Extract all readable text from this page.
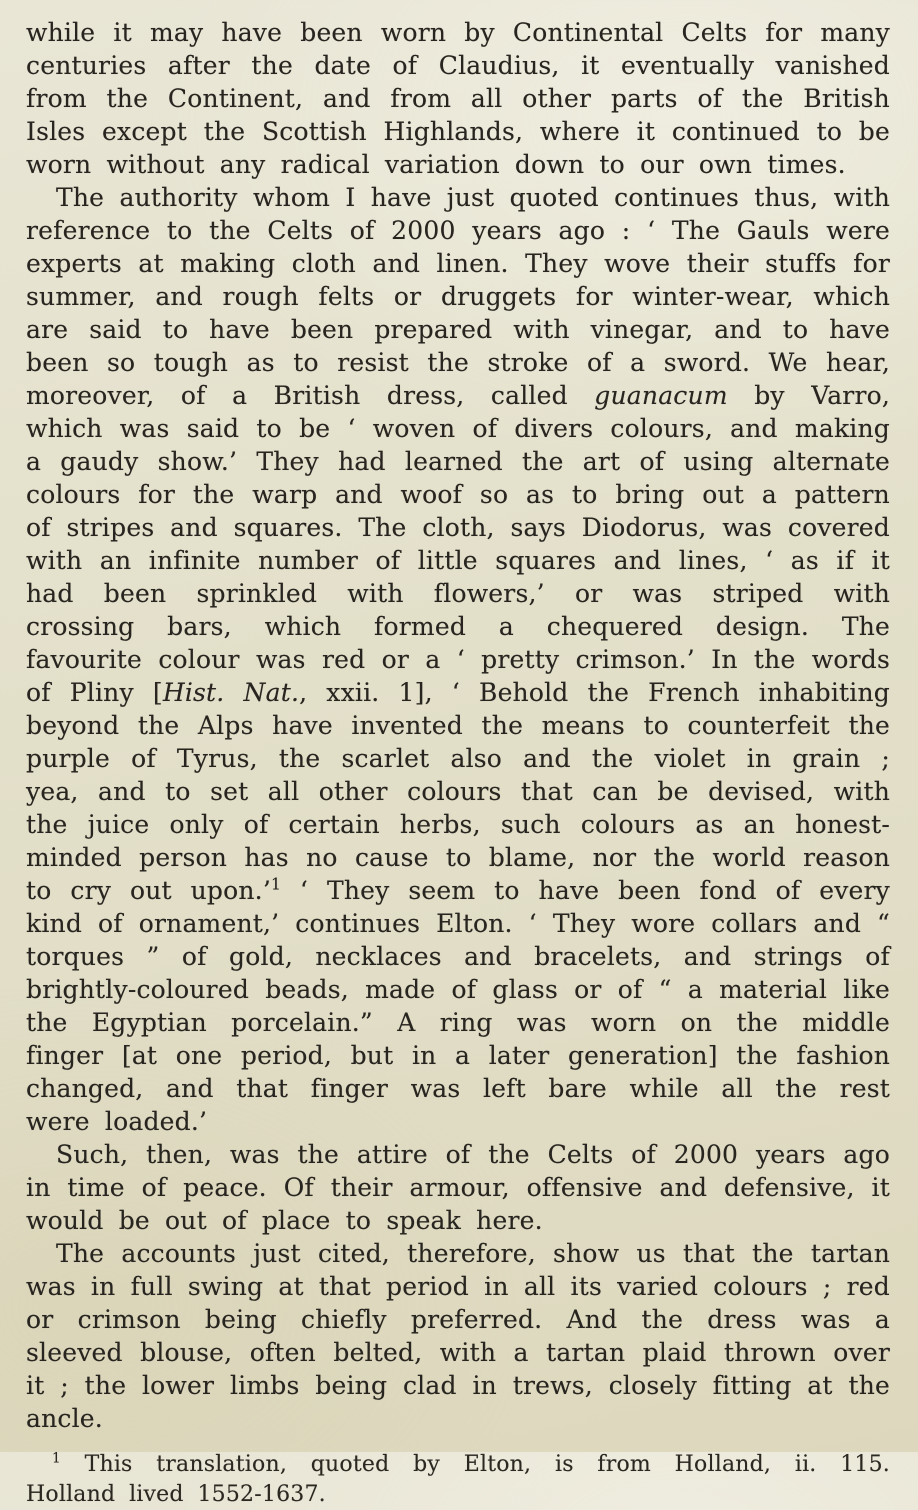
while it may have been worn by Continental Celts for many centuries after the date of Claudius, it eventually vanished from the Continent, and from all other parts of the British Isles except the Scottish Highlands, where it continued to be worn without any radical variation down to our own times.

The authority whom I have just quoted continues thus, with reference to the Celts of 2000 years ago : ‘ The Gauls were experts at making cloth and linen. They wove their stuffs for summer, and rough felts or druggets for winter-wear, which are said to have been prepared with vinegar, and to have been so tough as to resist the stroke of a sword. We hear, moreover, of a British dress, called guanacum by Varro, which was said to be ‘ woven of divers colours, and making a gaudy show.’ They had learned the art of using alternate colours for the warp and woof so as to bring out a pattern of stripes and squares. The cloth, says Diodorus, was covered with an infinite number of little squares and lines, ‘ as if it had been sprinkled with flowers,’ or was striped with crossing bars, which formed a chequered design. The favourite colour was red or a ‘ pretty crimson.’ In the words of Pliny [Hist. Nat., xxii. 1], ‘ Behold the French inhabiting beyond the Alps have invented the means to counterfeit the purple of Tyrus, the scarlet also and the violet in grain ; yea, and to set all other colours that can be devised, with the juice only of certain herbs, such colours as an honest-minded person has no cause to blame, nor the world reason to cry out upon.’$^1$ ‘ They seem to have been fond of every kind of ornament,’ continues Elton. ‘ They wore collars and “ torques ” of gold, necklaces and bracelets, and strings of brightly-coloured beads, made of glass or of “ a material like the Egyptian porcelain.” A ring was worn on the middle finger [at one period, but in a later generation] the fashion changed, and that finger was left bare while all the rest were loaded.’

Such, then, was the attire of the Celts of 2000 years ago in time of peace. Of their armour, offensive and defensive, it would be out of place to speak here.

The accounts just cited, therefore, show us that the tartan was in full swing at that period in all its varied colours ; red or crimson being chiefly preferred. And the dress was a sleeved blouse, often belted, with a tartan plaid thrown over it ; the lower limbs being clad in trews, closely fitting at the ancle.

$^1$ This translation, quoted by Elton, is from Holland, ii. 115. Holland lived 1552-1637.
